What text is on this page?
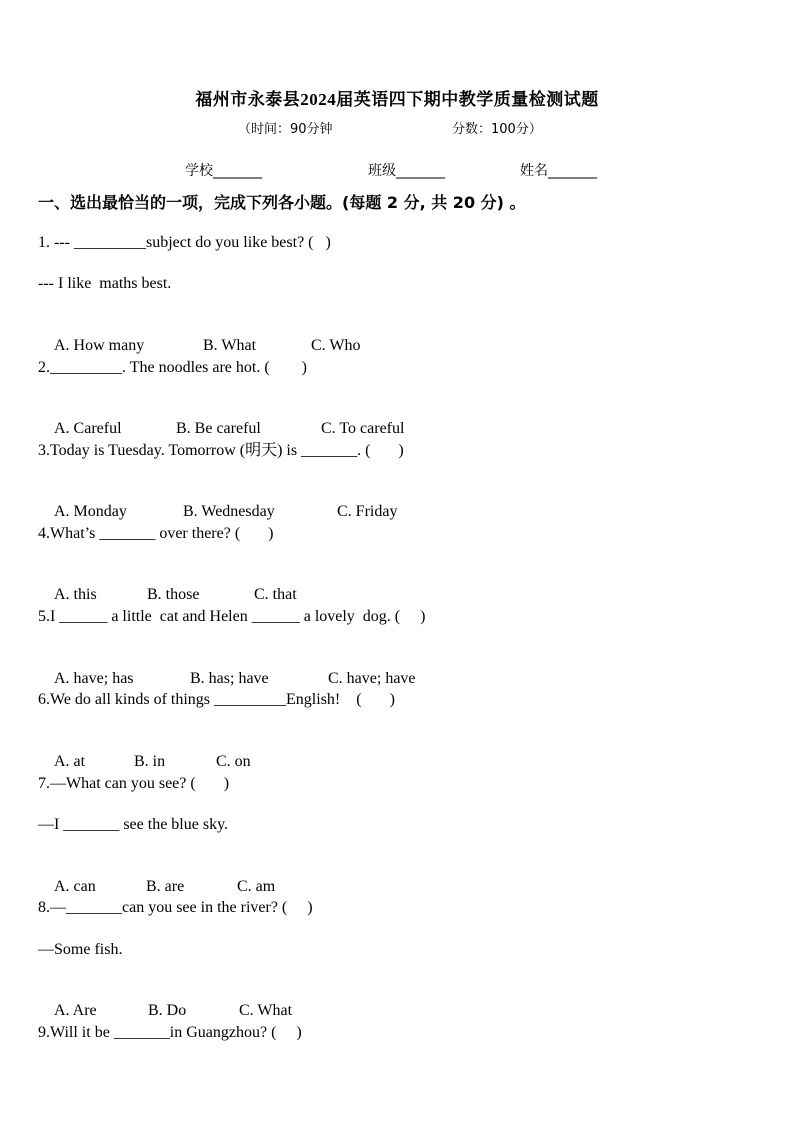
福州市永泰县2024届英语四下期中教学质量检测试题
（时间：90分钟	分数：100分）
学校_______	班级_______	姓名_______
一、选出最恰当的一项，完成下列各小题。(每题 2 分, 共 20 分) 。
1. --- _________subject do you like best? (   )
--- I like  maths best.

A. How many	B. What	C. Who

2._________. The noodles are hot. (        )

A. Careful	B. Be careful	C. To careful

3.Today is Tuesday. Tomorrow (明天) is _______. (       )

A. Monday	B. Wednesday	C. Friday

4.What’s _______ over there? (       )

A. this	B. those	C. that

5.I ______ a little  cat and Helen ______ a lovely  dog. (     )

A. have; has	B. has; have	C. have; have

6.We do all kinds of things _________English!    (       )

A. at	B. in	C. on

7.—What can you see? (       )
—I _______ see the blue sky.

A. can	B. are	C. am

8.—_______can you see in the river? (     )
—Some fish.

A. Are	B. Do	C. What

9.Will it be _______in Guangzhou? (     )
